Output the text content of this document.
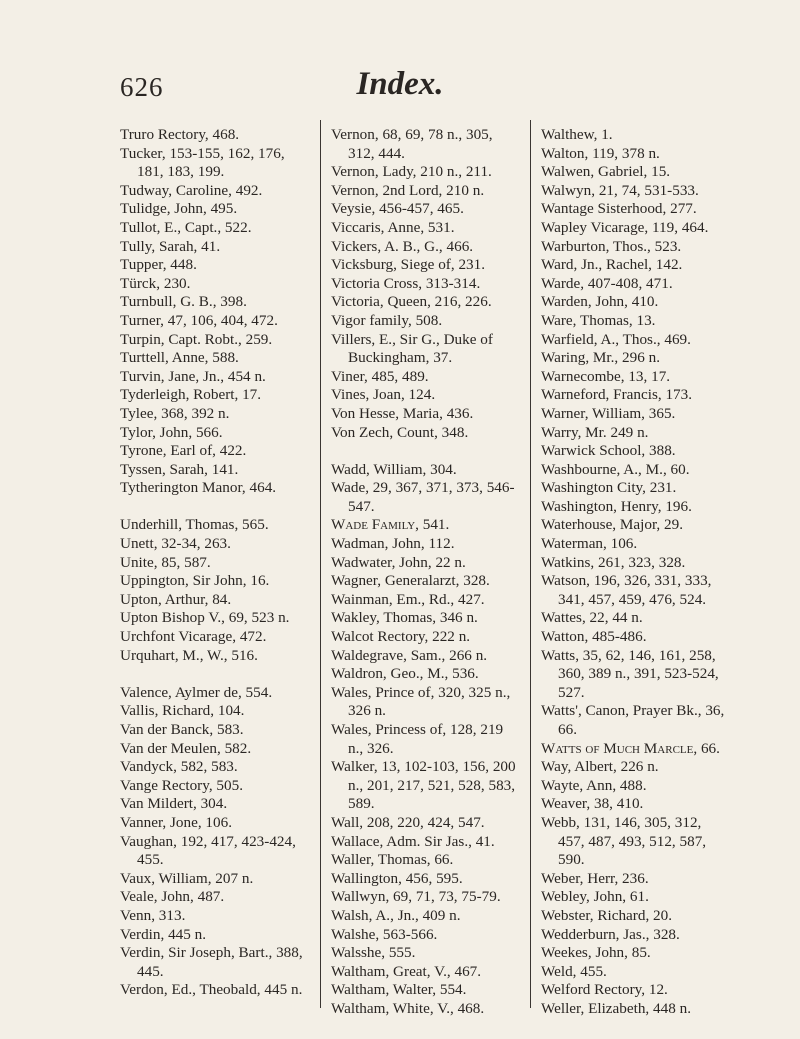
626	Index.

Truro Rectory, 468.

Tucker, 153-155, 162, 176, 181, 183, 199.

Tudway, Caroline, 492.

Tulidge, John, 495.

Tullot, E., Capt., 522.

Tully, Sarah, 41.

Tupper, 448.

Türck, 230.

Turnbull, G. B., 398.

Turner, 47, 106, 404, 472.

Turpin, Capt. Robt., 259.

Turttell, Anne, 588.

Turvin, Jane, Jn., 454 n.

Tyderleigh, Robert, 17.

Tylee, 368, 392 n.

Tylor, John, 566.

Tyrone, Earl of, 422.

Tyssen, Sarah, 141.

Tytherington Manor, 464.

Underhill, Thomas, 565.

Unett, 32-34, 263.

Unite, 85, 587.

Uppington, Sir John, 16.

Upton, Arthur, 84.

Upton Bishop V., 69, 523 n.

Urchfont Vicarage, 472.

Urquhart, M., W., 516.

Valence, Aylmer de, 554.

Vallis, Richard, 104.

Van der Banck, 583.

Van der Meulen, 582.

Vandyck, 582, 583.

Vange Rectory, 505.

Van Mildert, 304.

Vanner, Jone, 106.

Vaughan, 192, 417, 423-424, 455.

Vaux, William, 207 n.

Veale, John, 487.

Venn, 313.

Verdin, 445 n.

Verdin, Sir Joseph, Bart., 388, 445.

Verdon, Ed., Theobald, 445 n.

Vernon, 68, 69, 78 n., 305, 312, 444.

Vernon, Lady, 210 n., 211.

Vernon, 2nd Lord, 210 n.

Veysie, 456-457, 465.

Viccaris, Anne, 531.

Vickers, A. B., G., 466.

Vicksburg, Siege of, 231.

Victoria Cross, 313-314.

Victoria, Queen, 216, 226.

Vigor family, 508.

Villers, E., Sir G., Duke of Buckingham, 37.

Viner, 485, 489.

Vines, Joan, 124.

Von Hesse, Maria, 436.

Von Zech, Count, 348.

Wadd, William, 304.

Wade, 29, 367, 371, 373, 546-547.

Wade Family, 541.

Wadman, John, 112.

Wadwater, John, 22 n.

Wagner, Generalarzt, 328.

Wainman, Em., Rd., 427.

Wakley, Thomas, 346 n.

Walcot Rectory, 222 n.

Waldegrave, Sam., 266 n.

Waldron, Geo., M., 536.

Wales, Prince of, 320, 325 n., 326 n.

Wales, Princess of, 128, 219 n., 326.

Walker, 13, 102-103, 156, 200 n., 201, 217, 521, 528, 583, 589.

Wall, 208, 220, 424, 547.

Wallace, Adm. Sir Jas., 41.

Waller, Thomas, 66.

Wallington, 456, 595.

Wallwyn, 69, 71, 73, 75-79.

Walsh, A., Jn., 409 n.

Walshe, 563-566.

Walsshe, 555.

Waltham, Great, V., 467.

Waltham, Walter, 554.

Waltham, White, V., 468.

Walthew, 1.

Walton, 119, 378 n.

Walwen, Gabriel, 15.

Walwyn, 21, 74, 531-533.

Wantage Sisterhood, 277.

Wapley Vicarage, 119, 464.

Warburton, Thos., 523.

Ward, Jn., Rachel, 142.

Warde, 407-408, 471.

Warden, John, 410.

Ware, Thomas, 13.

Warfield, A., Thos., 469.

Waring, Mr., 296 n.

Warnecombe, 13, 17.

Warneford, Francis, 173.

Warner, William, 365.

Warry, Mr. 249 n.

Warwick School, 388.

Washbourne, A., M., 60.

Washington City, 231.

Washington, Henry, 196.

Waterhouse, Major, 29.

Waterman, 106.

Watkins, 261, 323, 328.

Watson, 196, 326, 331, 333, 341, 457, 459, 476, 524.

Wattes, 22, 44 n.

Watton, 485-486.

Watts, 35, 62, 146, 161, 258, 360, 389 n., 391, 523-524, 527.

Watts', Canon, Prayer Bk., 36, 66.

Watts of Much Marcle, 66.

Way, Albert, 226 n.

Wayte, Ann, 488.

Weaver, 38, 410.

Webb, 131, 146, 305, 312, 457, 487, 493, 512, 587, 590.

Weber, Herr, 236.

Webley, John, 61.

Webster, Richard, 20.

Wedderburn, Jas., 328.

Weekes, John, 85.

Weld, 455.

Welford Rectory, 12.

Weller, Elizabeth, 448 n.
